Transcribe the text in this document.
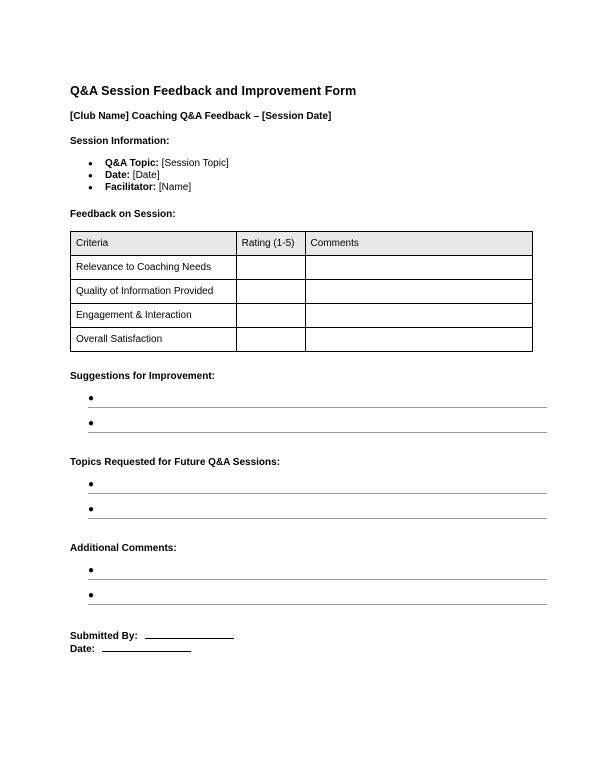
Q&A Session Feedback and Improvement Form
[Club Name] Coaching Q&A Feedback – [Session Date]
Session Information:
● Q&A Topic: [Session Topic]
● Date: [Date]
● Facilitator: [Name]
Feedback on Session:
Criteria	Rating (1-5)	Comments
Relevance to Coaching Needs		
Quality of Information Provided		
Engagement & Interaction		
Overall Satisfaction		
Suggestions for Improvement:
●
●
Topics Requested for Future Q&A Sessions:
●
●
Additional Comments:
●
●
Submitted By:
Date:
